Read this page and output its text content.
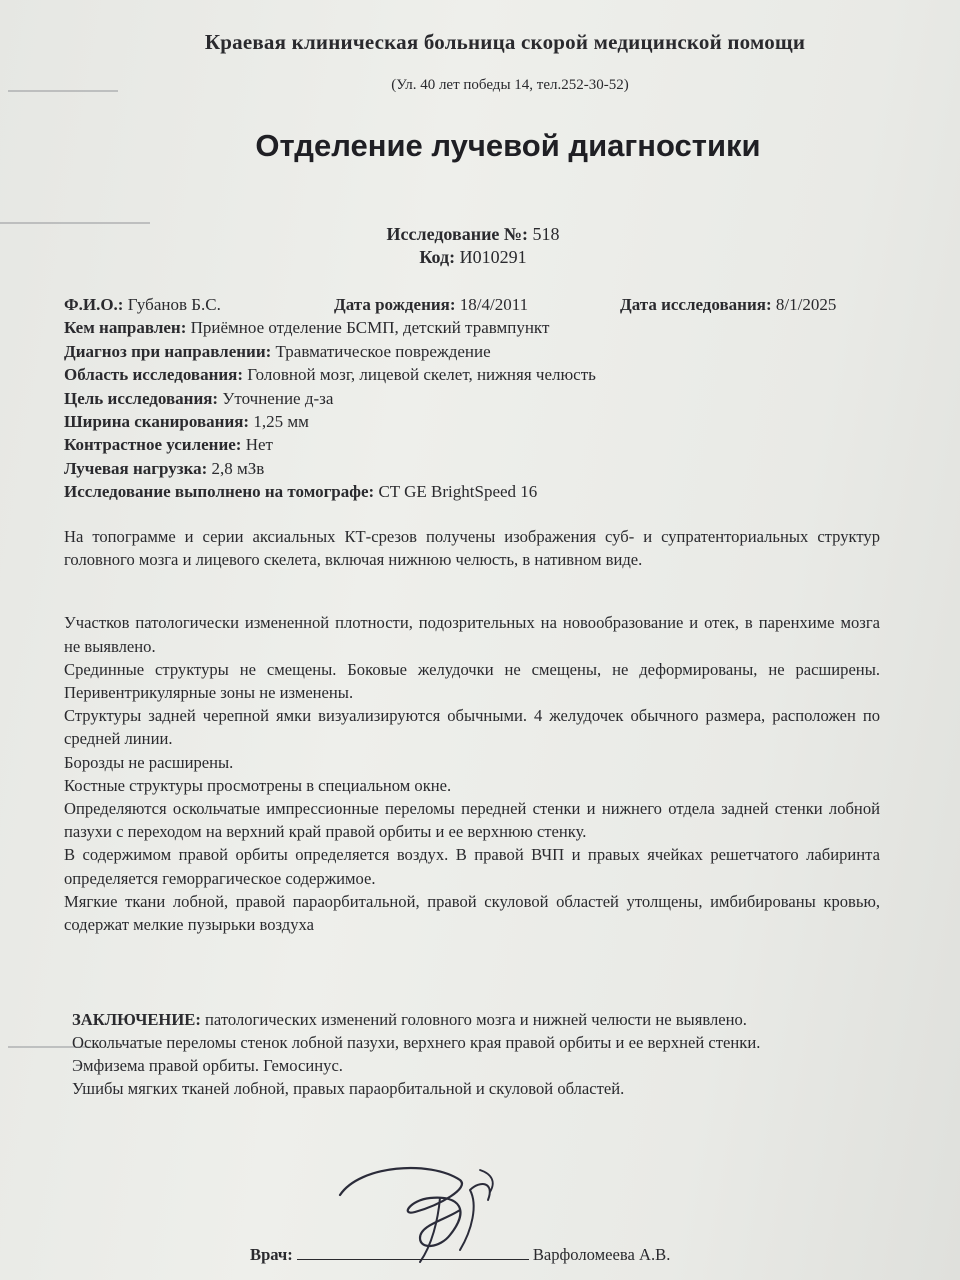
Краевая клиническая больница скорой медицинской помощи
(Ул. 40 лет победы 14, тел.252-30-52)
Отделение лучевой диагностики
Исследование №: 518
Код: И010291
Ф.И.О.: Губанов Б.С.	Дата рождения: 18/4/2011	Дата исследования: 8/1/2025
Кем направлен: Приёмное отделение БСМП, детский травмпункт
Диагноз при направлении: Травматическое повреждение
Область исследования: Головной мозг, лицевой скелет, нижняя челюсть
Цель исследования: Уточнение д-за
Ширина сканирования: 1,25 мм
Контрастное усиление: Нет
Лучевая нагрузка: 2,8 мЗв
Исследование выполнено на томографе: CT GE BrightSpeed 16

На топограмме и серии аксиальных КТ-срезов получены изображения суб- и супратенториальных структур головного мозга и лицевого скелета, включая нижнюю челюсть, в нативном виде.

Участков патологически измененной плотности, подозрительных на новообразование и отек, в паренхиме мозга не выявлено.

Срединные структуры не смещены. Боковые желудочки не смещены, не деформированы, не расширены. Перивентрикулярные зоны не изменены.

Структуры задней черепной ямки визуализируются обычными. 4 желудочек обычного размера, расположен по средней линии.

Борозды не расширены.

Костные структуры просмотрены в специальном окне.

Определяются оскольчатые импрессионные переломы передней стенки и нижнего отдела задней стенки лобной пазухи с переходом на верхний край правой орбиты и ее верхнюю стенку.

В содержимом правой орбиты определяется воздух. В правой ВЧП и правых ячейках решетчатого лабиринта определяется геморрагическое содержимое.

Мягкие ткани лобной, правой параорбитальной, правой скуловой областей утолщены, имбибированы кровью, содержат мелкие пузырьки воздуха

ЗАКЛЮЧЕНИЕ: патологических изменений головного мозга и нижней челюсти не выявлено.

Оскольчатые переломы стенок лобной пазухи, верхнего края правой орбиты и ее верхней стенки.

Эмфизема правой орбиты. Гемосинус.

Ушибы мягких тканей лобной, правых параорбитальной и скуловой областей.

Врач:	Варфоломеева А.В.
